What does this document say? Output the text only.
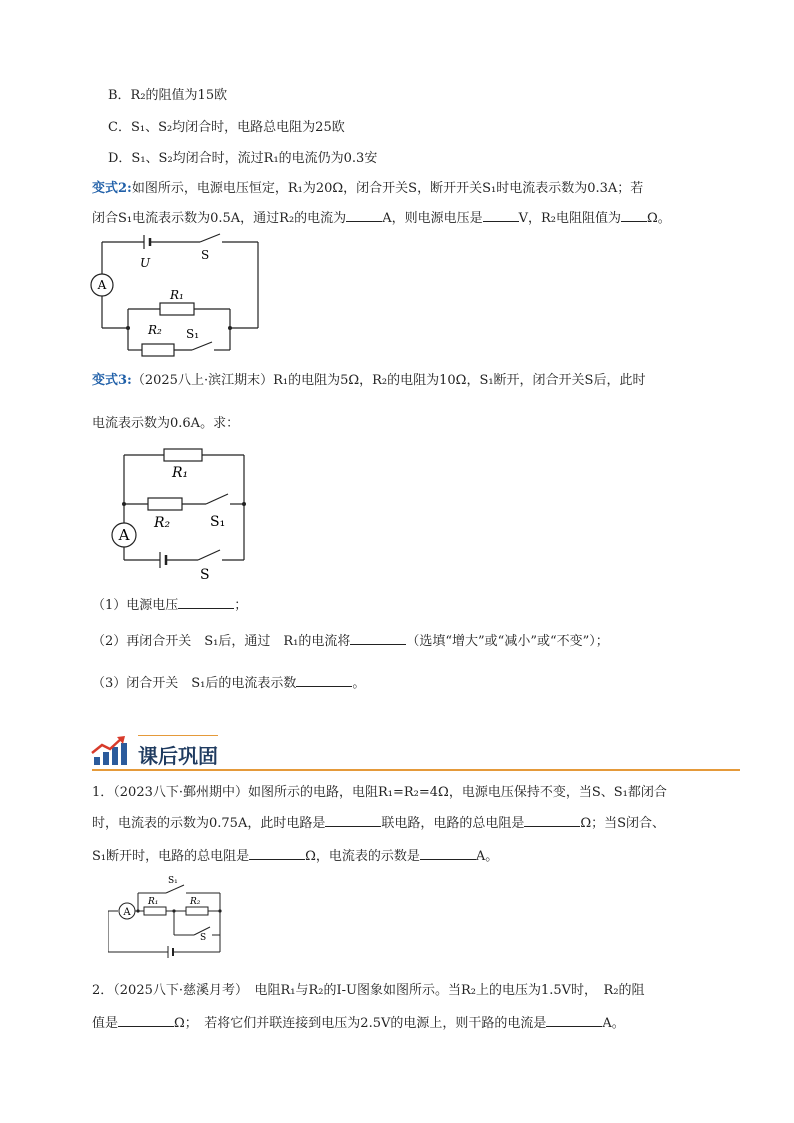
B．R₂的阻值为15欧
C．S₁、S₂均闭合时，电路总电阻为25欧
D．S₁、S₂均闭合时，流过R₁的电流仍为0.3安
变式2:如图所示，电源电压恒定，R₁为20Ω，闭合开关S，断开开关S₁时电流表示数为0.3A；若
闭合S₁电流表示数为0.5A，通过R₂的电流为	A，则电源电压是	V，R₂电阻阻值为 Ω。
A
U
S
R₁
R₂ S₁
变式3:（2025八上·滨江期末）R₁的电阻为5Ω，R₂的电阻为10Ω，S₁断开，闭合开关S后，此时
电流表示数为0.6A。求：
A
R₁
R₂	S₁
S
（1）电源电压	；
（2）再闭合开关　S₁后，通过　R₁的电流将	（选填“增大”或“减小”或“不变”）；
（3）闭合开关　S₁后的电流表示数	。
课后巩固
1．（2023八下·鄞州期中）如图所示的电路，电阻R₁=R₂=4Ω，电源电压保持不变，当S、S₁都闭合
时，电流表的示数为0.75A，此时电路是	联电路，电路的总电阻是	Ω；当S闭合、
S₁断开时，电路的总电阻是	Ω，电流表的示数是	A。
A
R₁	R₂
S₁
S
2．（2025八下·慈溪月考）　电阻R₁与R₂的I-U图象如图所示。当R₂上的电压为1.5V时，　R₂的阻
值是	Ω；　若将它们并联连接到电压为2.5V的电源上，则干路的电流是	A。
